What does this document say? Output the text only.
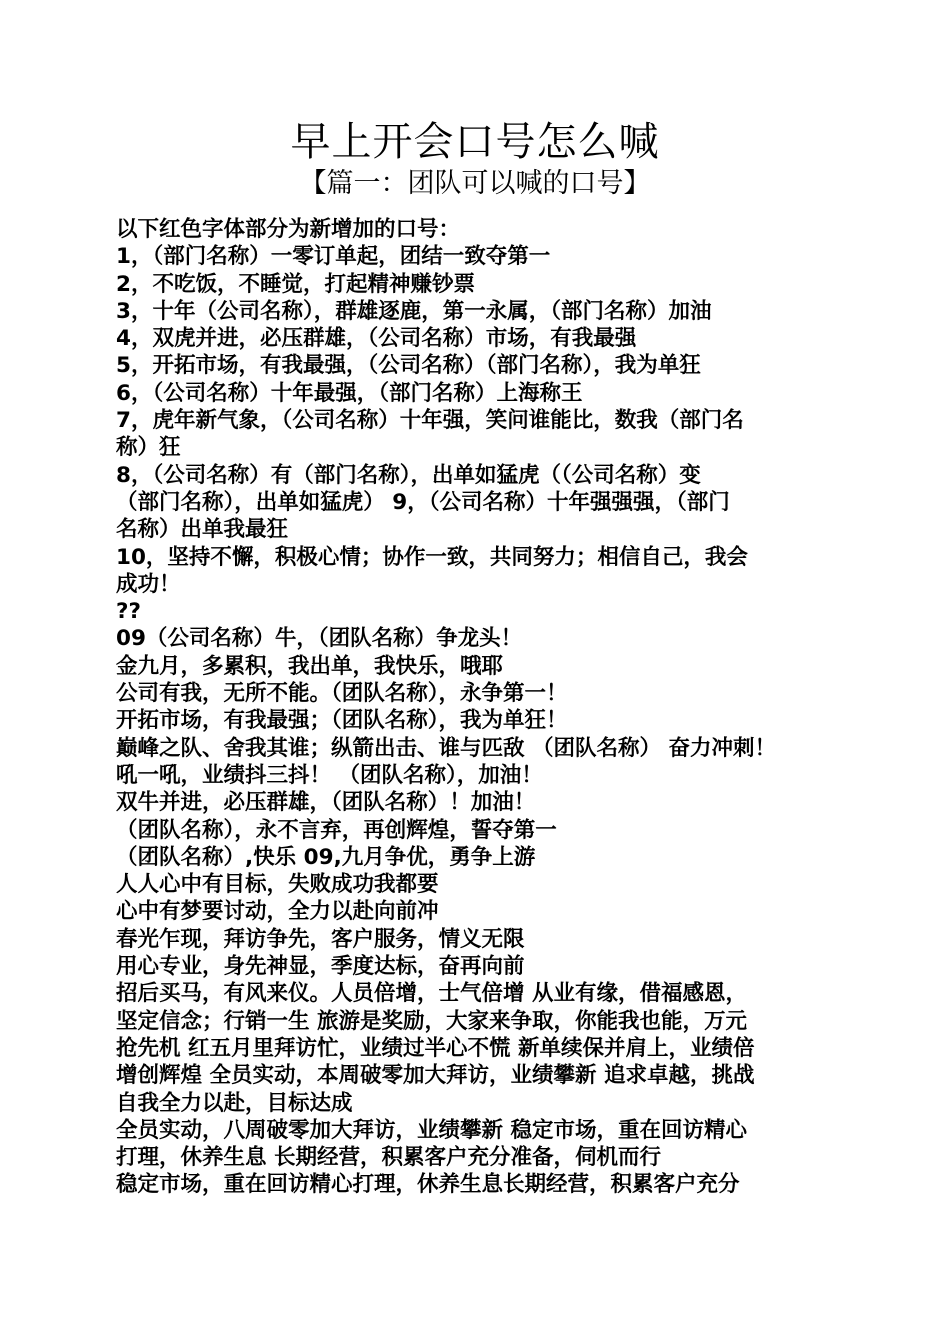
早上开会口号怎么喊
【篇一：团队可以喊的口号】
以下红色字体部分为新增加的口号：
1，（部门名称）一零订单起，团结一致夺第一
2，不吃饭，不睡觉，打起精神赚钞票
3，十年（公司名称），群雄逐鹿，第一永属，（部门名称）加油
4，双虎并进，必压群雄，（公司名称）市场，有我最强
5，开拓市场，有我最强，（公司名称）（部门名称），我为单狂
6，（公司名称）十年最强，（部门名称）上海称王
7，虎年新气象，（公司名称）十年强，笑问谁能比，数我（部门名
称）狂
8，（公司名称）有（部门名称），出单如猛虎（（公司名称）变
（部门名称），出单如猛虎） 9，（公司名称）十年强强强，（部门
名称）出单我最狂
10，坚持不懈，积极心情；协作一致，共同努力；相信自己，我会
成功！
??
09（公司名称）牛，（团队名称）争龙头！
金九月，多累积，我出单，我快乐，哦耶
公司有我，无所不能。（团队名称），永争第一！
开拓市场，有我最强；（团队名称），我为单狂！
巅峰之队、舍我其谁；纵箭出击、谁与匹敌 （团队名称） 奋力冲刺！
吼一吼，业绩抖三抖！ （团队名称），加油！
双牛并进，必压群雄，（团队名称）！加油！
（团队名称），永不言弃，再创辉煌，誓夺第一
（团队名称）,快乐 09,九月争优，勇争上游
人人心中有目标，失败成功我都要
心中有梦要讨动，全力以赴向前冲
春光乍现，拜访争先，客户服务，情义无限
用心专业，身先神显，季度达标，奋再向前
招后买马，有风来仪。人员倍增，士气倍增 从业有缘，借福感恩，
坚定信念；行销一生 旅游是奖励，大家来争取，你能我也能，万元
抢先机 红五月里拜访忙，业绩过半心不慌 新单续保并肩上，业绩倍
增创辉煌 全员实动，本周破零加大拜访，业绩攀新 追求卓越，挑战
自我全力以赴，目标达成
全员实动，八周破零加大拜访，业绩攀新 稳定市场，重在回访精心
打理，休养生息 长期经营，积累客户充分准备，伺机而行
稳定市场，重在回访精心打理，休养生息长期经营，积累客户充分
